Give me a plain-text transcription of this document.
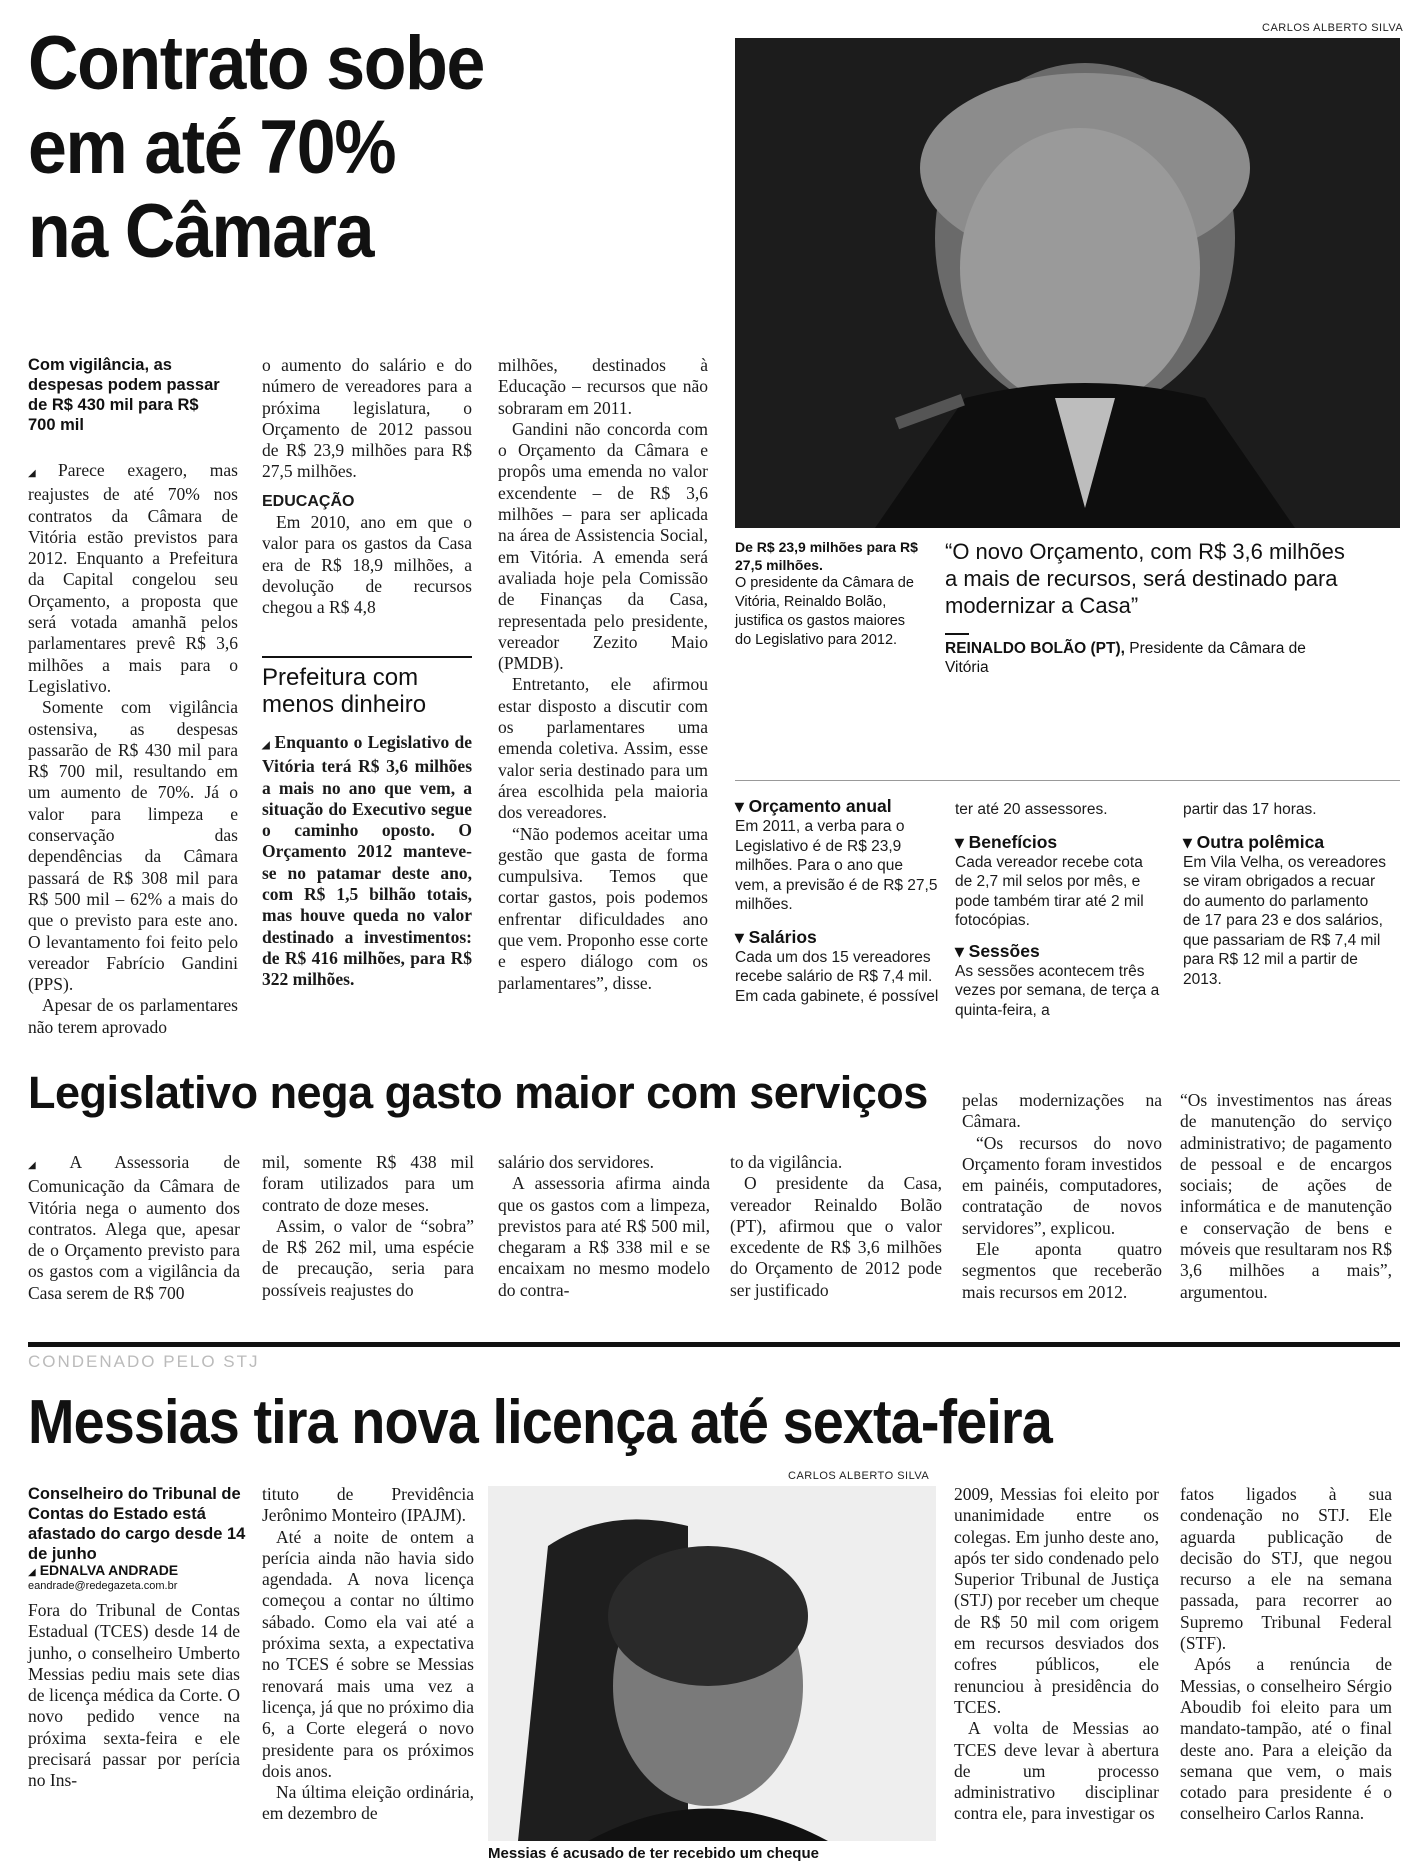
Contrato sobe
em até 70%
na Câmara
CARLOS ALBERTO SILVA
Com vigilância, as despesas podem passar de R$ 430 mil para R$ 700 mil

◢ Parece exagero, mas reajustes de até 70% nos contratos da Câmara de Vitória estão previstos para 2012. Enquanto a Prefeitura da Capital congelou seu Orçamento, a proposta que será votada amanhã pelos parlamentares prevê R$ 3,6 milhões a mais para o Legislativo.

Somente com vigilância ostensiva, as despesas passarão de R$ 430 mil para R$ 700 mil, resultando em um aumento de 70%. Já o valor para limpeza e conservação das dependências da Câmara passará de R$ 308 mil para R$ 500 mil – 62% a mais do que o previsto para este ano. O levantamento foi feito pelo vereador Fabrício Gandini (PPS).

Apesar de os parlamentares não terem aprovado

o aumento do salário e do número de vereadores para a próxima legislatura, o Orçamento de 2012 passou de R$ 23,9 milhões para R$ 27,5 milhões.

EDUCAÇÃO

Em 2010, ano em que o valor para os gastos da Casa era de R$ 18,9 milhões, a devolução de recursos chegou a R$ 4,8

Prefeitura com menos dinheiro
◢ Enquanto o Legislativo de Vitória terá R$ 3,6 milhões a mais no ano que vem, a situação do Executivo segue o caminho oposto. O Orçamento 2012 manteve-se no patamar deste ano, com R$ 1,5 bilhão totais, mas houve queda no valor destinado a investimentos: de R$ 416 milhões, para R$ 322 milhões.

milhões, destinados à Educação – recursos que não sobraram em 2011.

Gandini não concorda com o Orçamento da Câmara e propôs uma emenda no valor excendente – de R$ 3,6 milhões – para ser aplicada na área de Assistencia Social, em Vitória. A emenda será avaliada hoje pela Comissão de Finanças da Casa, representada pelo presidente, vereador Zezito Maio (PMDB).

Entretanto, ele afirmou estar disposto a discutir com os parlamentares uma emenda coletiva. Assim, esse valor seria destinado para um área escolhida pela maioria dos vereadores.

“Não podemos aceitar uma gestão que gasta de forma cumpulsiva. Temos que cortar gastos, pois podemos enfrentar dificuldades ano que vem. Proponho esse corte e espero diálogo com os parlamentares”, disse.

De R$ 23,9 milhões para R$ 27,5 milhões.
O presidente da Câmara de Vitória, Reinaldo Bolão, justifica os gastos maiores do Legislativo para 2012.
“O novo Orçamento, com R$ 3,6 milhões a mais de recursos, será destinado para modernizar a Casa”
REINALDO BOLÃO (PT), Presidente da Câmara de Vitória
▾ Orçamento anual
Em 2011, a verba para o Legislativo é de R$ 23,9 milhões. Para o ano que vem, a previsão é de R$ 27,5 milhões.
▾ Salários
Cada um dos 15 vereadores recebe salário de R$ 7,4 mil. Em cada gabinete, é possível
ter até 20 assessores.
▾ Benefícios
Cada vereador recebe cota de 2,7 mil selos por mês, e pode também tirar até 2 mil fotocópias.
▾ Sessões
As sessões acontecem três vezes por semana, de terça a quinta-feira, a
partir das 17 horas.
▾ Outra polêmica
Em Vila Velha, os vereadores se viram obrigados a recuar do aumento do parlamento de 17 para 23 e dos salários, que passariam de R$ 7,4 mil para R$ 12 mil a partir de 2013.
Legislativo nega gasto maior com serviços

◢ A Assessoria de Comunicação da Câmara de Vitória nega o aumento dos contratos. Alega que, apesar de o Orçamento previsto para os gastos com a vigilância da Casa serem de R$ 700

mil, somente R$ 438 mil foram utilizados para um contrato de doze meses.

Assim, o valor de “sobra” de R$ 262 mil, uma espécie de precaução, seria para possíveis reajustes do

salário dos servidores.

A assessoria afirma ainda que os gastos com a limpeza, previstos para até R$ 500 mil, chegaram a R$ 338 mil e se encaixam no mesmo modelo do contra-

to da vigilância.

O presidente da Casa, vereador Reinaldo Bolão (PT), afirmou que o valor excedente de R$ 3,6 milhões do Orçamento de 2012 pode ser justificado

pelas modernizações na Câmara.

“Os recursos do novo Orçamento foram investidos em painéis, computadores, contratação de novos servidores”, explicou.

Ele aponta quatro segmentos que receberão mais recursos em 2012.

“Os investimentos nas áreas de manutenção do serviço administrativo; de pagamento de pessoal e de encargos sociais; de ações de informática e de manutenção e conservação de bens e móveis que resultaram nos R$ 3,6 milhões a mais”, argumentou.

CONDENADO PELO STJ
Messias tira nova licença até sexta-feira
CARLOS ALBERTO SILVA
Conselheiro do Tribunal de Contas do Estado está afastado do cargo desde 14 de junho
◢ EDNALVA ANDRADE
eandrade@redegazeta.com.br

Fora do Tribunal de Contas Estadual (TCES) desde 14 de junho, o conselheiro Umberto Messias pediu mais sete dias de licença médica da Corte. O novo pedido vence na próxima sexta-feira e ele precisará passar por perícia no Ins-

tituto de Previdência Jerônimo Monteiro (IPAJM).

Até a noite de ontem a perícia ainda não havia sido agendada. A nova licença começou a contar no último sábado. Como ela vai até a próxima sexta, a expectativa no TCES é sobre se Messias renovará mais uma vez a licença, já que no próximo dia 6, a Corte elegerá o novo presidente para os próximos dois anos.

Na última eleição ordinária, em dezembro de

Messias é acusado de ter recebido um cheque

2009, Messias foi eleito por unanimidade entre os colegas. Em junho deste ano, após ter sido condenado pelo Superior Tribunal de Justiça (STJ) por receber um cheque de R$ 50 mil com origem em recursos desviados dos cofres públicos, ele renunciou à presidência do TCES.

A volta de Messias ao TCES deve levar à abertura de um processo administrativo disciplinar contra ele, para investigar os

fatos ligados à sua condenação no STJ. Ele aguarda publicação de decisão do STJ, que negou recurso a ele na semana passada, para recorrer ao Supremo Tribunal Federal (STF).

Após a renúncia de Messias, o conselheiro Sérgio Aboudib foi eleito para um mandato-tampão, até o final deste ano. Para a eleição da semana que vem, o mais cotado para presidente é o conselheiro Carlos Ranna.
